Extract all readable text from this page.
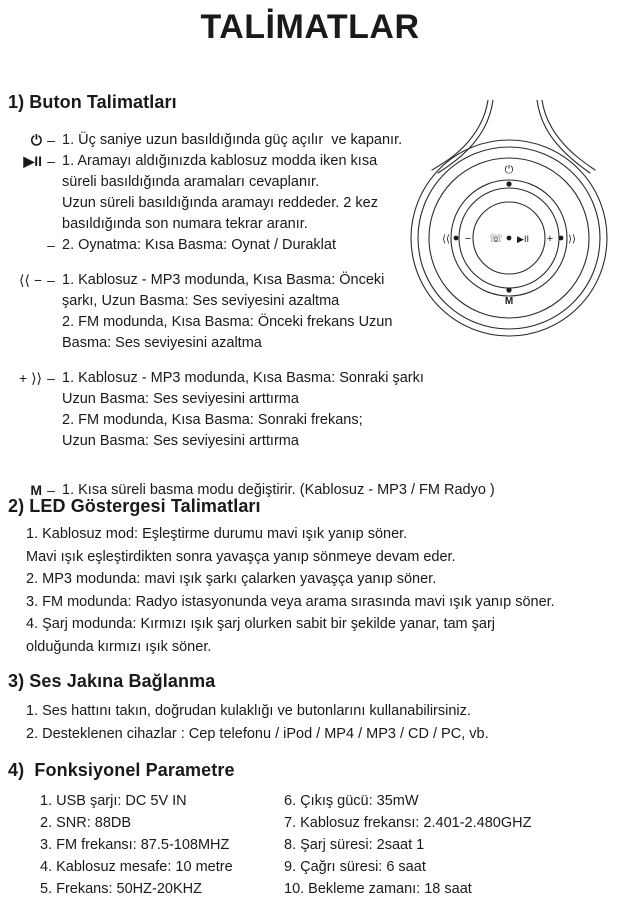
TALİMATLAR
⏻
M
⟨⟨ −	+ ⟩⟩
☏ ▶II
1) Buton Talimatları
⏻ – 1. Üç saniye uzun basıldığında güç açılır  ve kapanır.
▶II – 1. Aramayı aldığınızda kablosuz modda iken kısa
süreli basıldığında aramaları cevaplanır.
Uzun süreli basıldığında aramayı reddeder. 2 kez
basıldığında son numara tekrar aranır.
– 2. Oynatma: Kısa Basma: Oynat / Duraklat
⟨⟨ − – 1. Kablosuz - MP3 modunda, Kısa Basma: Önceki
şarkı, Uzun Basma: Ses seviyesini azaltma
2. FM modunda, Kısa Basma: Önceki frekans Uzun
Basma: Ses seviyesini azaltma
+ ⟩⟩ – 1. Kablosuz - MP3 modunda, Kısa Basma: Sonraki şarkı
Uzun Basma: Ses seviyesini arttırma
2. FM modunda, Kısa Basma: Sonraki frekans;
Uzun Basma: Ses seviyesini arttırma
M – 1. Kısa süreli basma modu değiştirir. (Kablosuz - MP3 / FM Radyo )
2) LED Göstergesi Talimatları
1. Kablosuz mod: Eşleştirme durumu mavi ışık yanıp söner.
Mavi ışık eşleştirdikten sonra yavaşça yanıp sönmeye devam eder.
2. MP3 modunda: mavi ışık şarkı çalarken yavaşça yanıp söner.
3. FM modunda: Radyo istasyonunda veya arama sırasında mavi ışık yanıp söner.
4. Şarj modunda: Kırmızı ışık şarj olurken sabit bir şekilde yanar, tam şarj
olduğunda kırmızı ışık söner.
3) Ses Jakına Bağlanma
1. Ses hattını takın, doğrudan kulaklığı ve butonlarını kullanabilirsiniz.
2. Desteklenen cihazlar : Cep telefonu / iPod / MP4 / MP3 / CD / PC, vb.
4)  Fonksiyonel Parametre
1. USB şarjı: DC 5V IN
2. SNR: 88DB
3. FM frekansı: 87.5-108MHZ
4. Kablosuz mesafe: 10 metre
5. Frekans: 50HZ-20KHZ
6. Çıkış gücü: 35mW
7. Kablosuz frekansı: 2.401-2.480GHZ
8. Şarj süresi: 2saat 1
9. Çağrı süresi: 6 saat
10. Bekleme zamanı: 18 saat
